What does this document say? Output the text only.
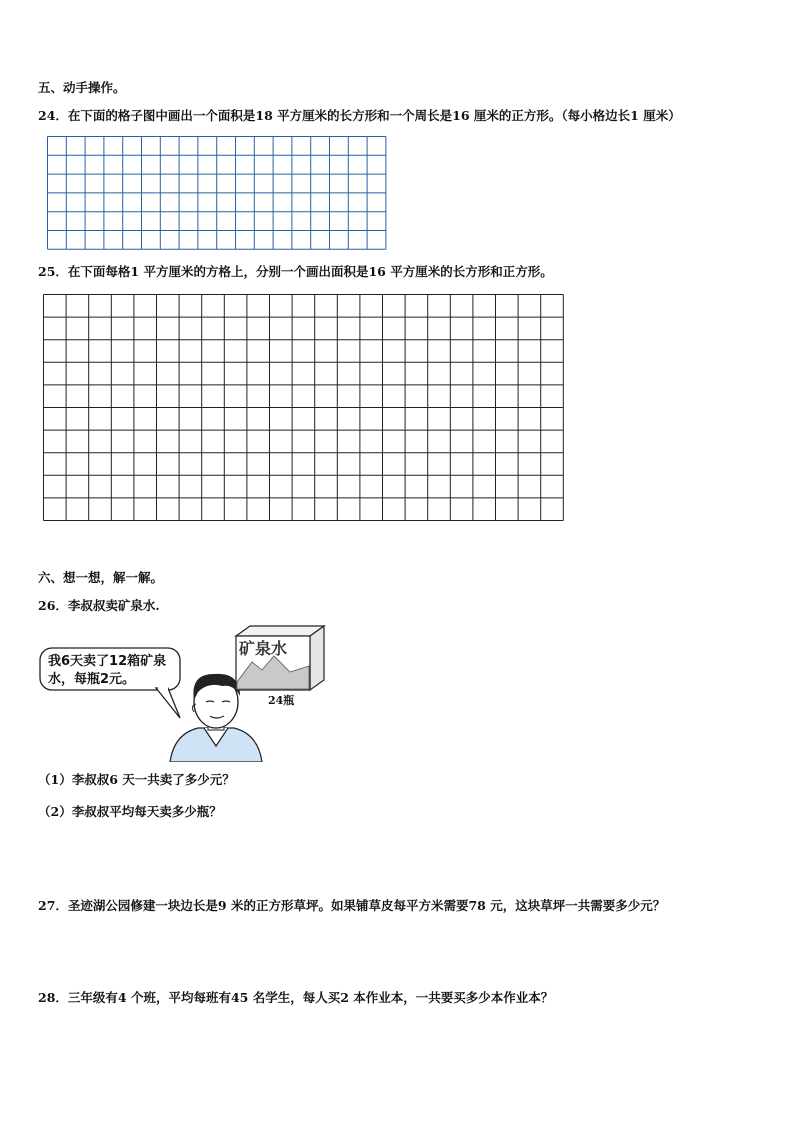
五、动手操作。
24．在下面的格子图中画出一个面积是18 平方厘米的长方形和一个周长是16 厘米的正方形。（每小格边长1 厘米）
25．在下面每格1 平方厘米的方格上，分别一个画出面积是16 平方厘米的长方形和正方形。
六、想一想，解一解。
26．李叔叔卖矿泉水.
我6天卖了12箱矿泉
水，每瓶2元。
矿泉水
24瓶
（1）李叔叔6 天一共卖了多少元？
（2）李叔叔平均每天卖多少瓶？
27．圣迹湖公园修建一块边长是9 米的正方形草坪。如果铺草皮每平方米需要78 元，这块草坪一共需要多少元？
28．三年级有4 个班，平均每班有45 名学生，每人买2 本作业本，一共要买多少本作业本？
